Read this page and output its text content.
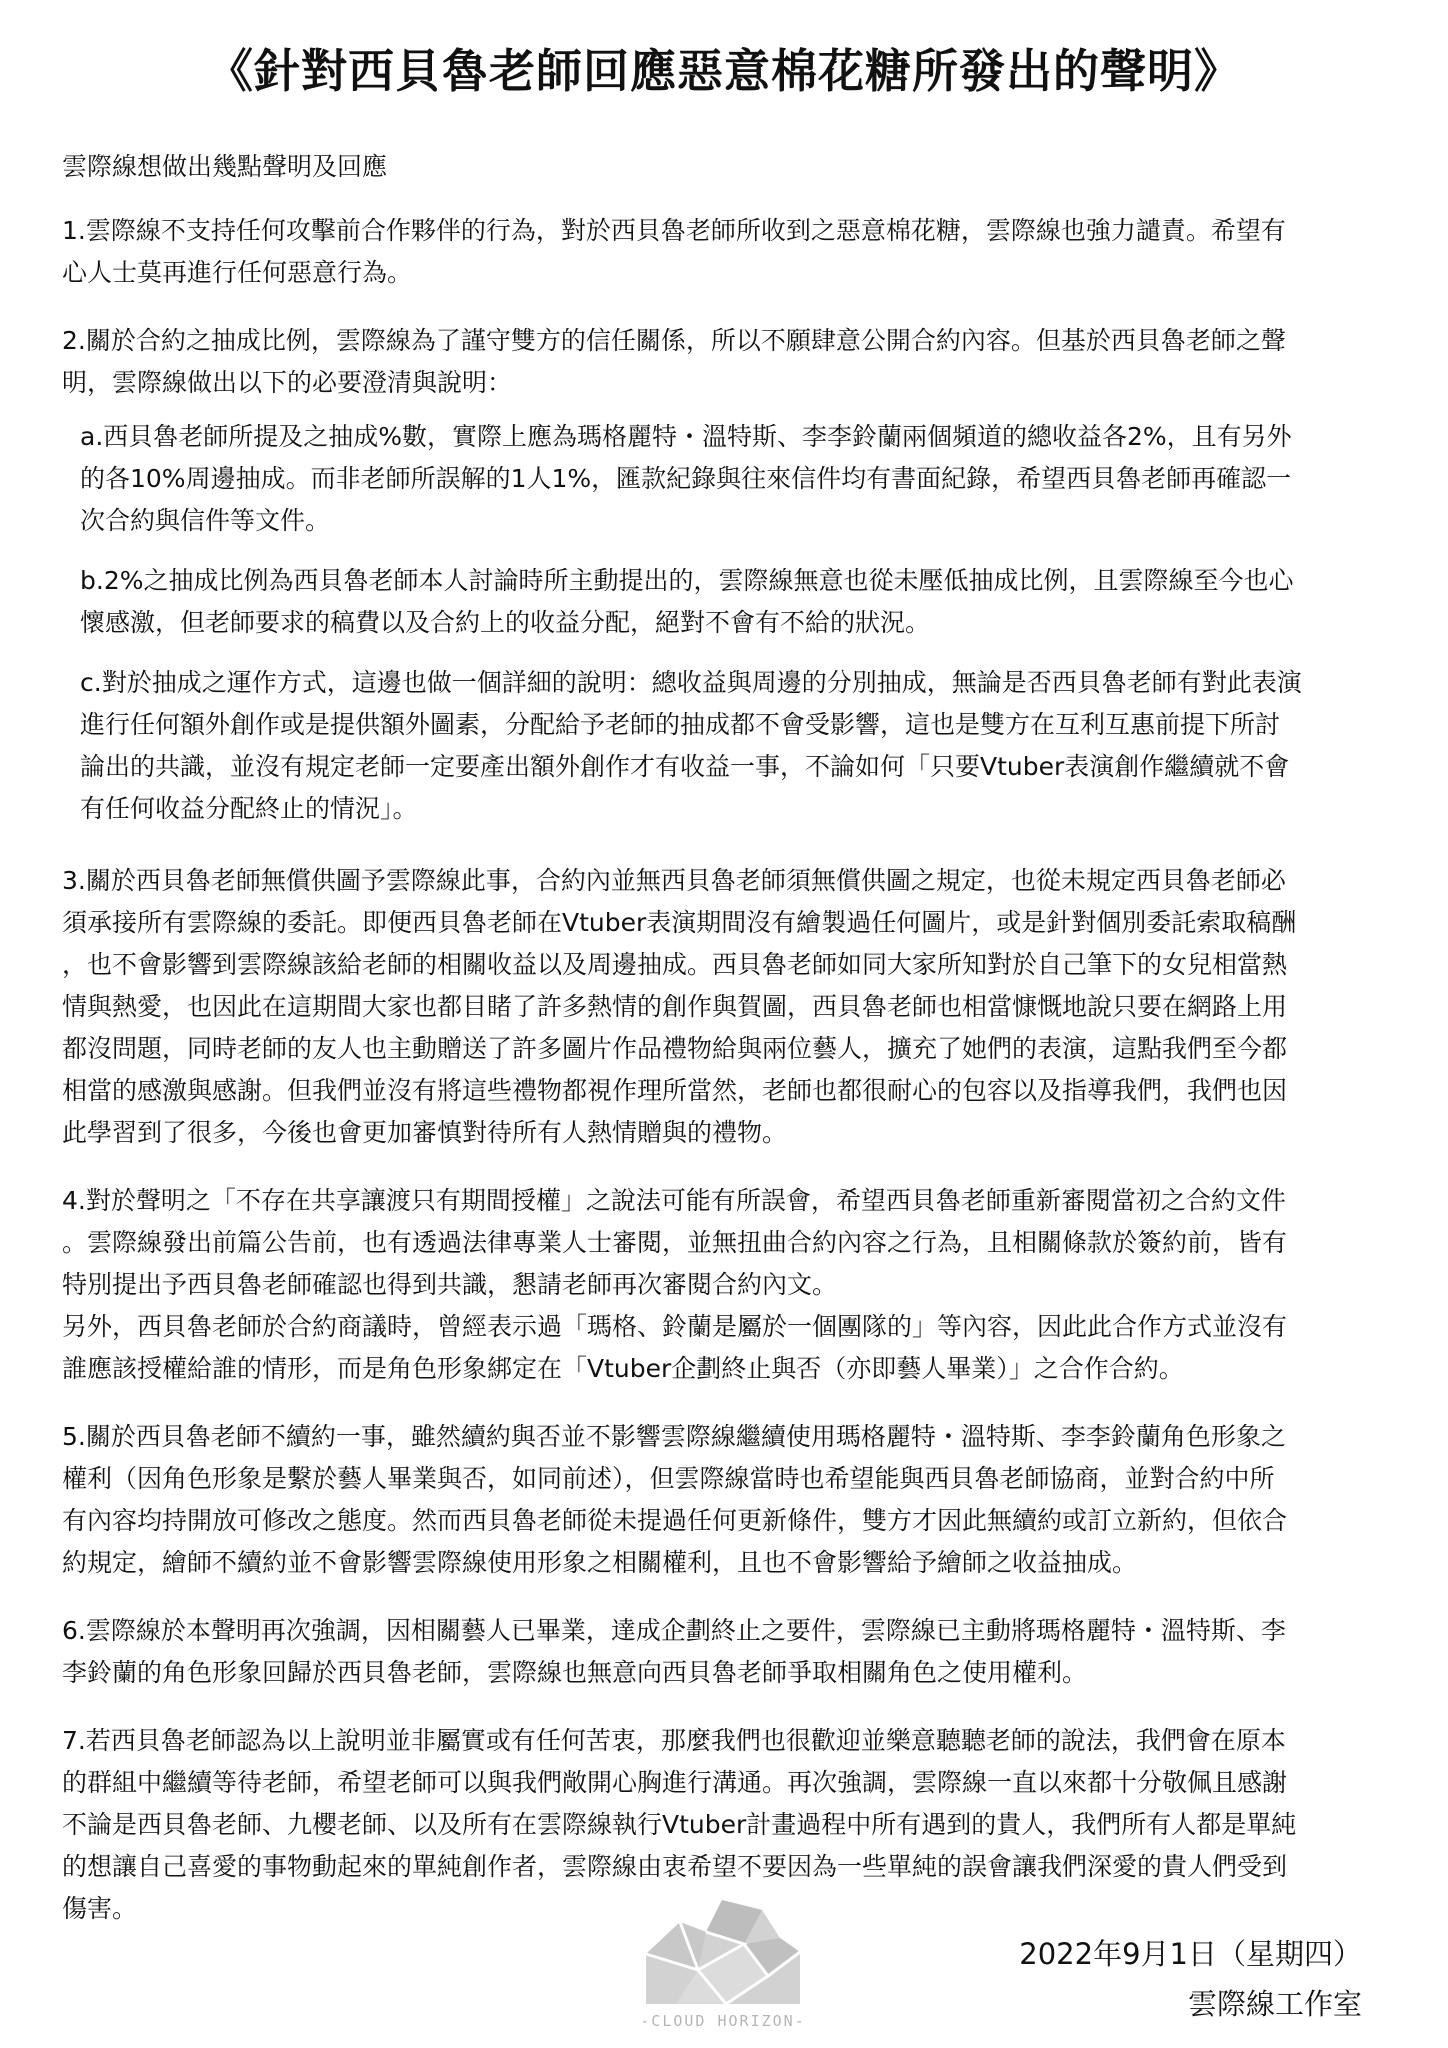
《針對西貝魯老師回應惡意棉花糖所發出的聲明》

雲際線想做出幾點聲明及回應

1.雲際線不支持任何攻擊前合作夥伴的行為，對於西貝魯老師所收到之惡意棉花糖，雲際線也強力譴責。希望有
心人士莫再進行任何惡意行為。

2.關於合約之抽成比例，雲際線為了謹守雙方的信任關係，所以不願肆意公開合約內容。但基於西貝魯老師之聲
明，雲際線做出以下的必要澄清與說明：

a.西貝魯老師所提及之抽成%數，實際上應為瑪格麗特・溫特斯、李李鈴蘭兩個頻道的總收益各2%，且有另外
的各10%周邊抽成。而非老師所誤解的1人1%，匯款紀錄與往來信件均有書面紀錄，希望西貝魯老師再確認一
次合約與信件等文件。

b.2%之抽成比例為西貝魯老師本人討論時所主動提出的，雲際線無意也從未壓低抽成比例，且雲際線至今也心
懷感激，但老師要求的稿費以及合約上的收益分配，絕對不會有不給的狀況。

c.對於抽成之運作方式，這邊也做一個詳細的說明：總收益與周邊的分別抽成，無論是否西貝魯老師有對此表演
進行任何額外創作或是提供額外圖素，分配給予老師的抽成都不會受影響，這也是雙方在互利互惠前提下所討
論出的共識，並沒有規定老師一定要產出額外創作才有收益一事，不論如何「只要Vtuber表演創作繼續就不會
有任何收益分配終止的情況」。

3.關於西貝魯老師無償供圖予雲際線此事，合約內並無西貝魯老師須無償供圖之規定，也從未規定西貝魯老師必
須承接所有雲際線的委託。即便西貝魯老師在Vtuber表演期間沒有繪製過任何圖片，或是針對個別委託索取稿酬
，也不會影響到雲際線該給老師的相關收益以及周邊抽成。西貝魯老師如同大家所知對於自己筆下的女兒相當熱
情與熱愛，也因此在這期間大家也都目睹了許多熱情的創作與賀圖，西貝魯老師也相當慷慨地說只要在網路上用
都沒問題，同時老師的友人也主動贈送了許多圖片作品禮物給與兩位藝人，擴充了她們的表演，這點我們至今都
相當的感激與感謝。但我們並沒有將這些禮物都視作理所當然，老師也都很耐心的包容以及指導我們，我們也因
此學習到了很多，今後也會更加審慎對待所有人熱情贈與的禮物。

4.對於聲明之「不存在共享讓渡只有期間授權」之說法可能有所誤會，希望西貝魯老師重新審閱當初之合約文件
。雲際線發出前篇公告前，也有透過法律專業人士審閱，並無扭曲合約內容之行為，且相關條款於簽約前，皆有
特別提出予西貝魯老師確認也得到共識，懇請老師再次審閱合約內文。

另外，西貝魯老師於合約商議時，曾經表示過「瑪格、鈴蘭是屬於一個團隊的」等內容，因此此合作方式並沒有
誰應該授權給誰的情形，而是角色形象綁定在「Vtuber企劃終止與否（亦即藝人畢業）」之合作合約。

5.關於西貝魯老師不續約一事，雖然續約與否並不影響雲際線繼續使用瑪格麗特・溫特斯、李李鈴蘭角色形象之
權利（因角色形象是繫於藝人畢業與否，如同前述），但雲際線當時也希望能與西貝魯老師協商，並對合約中所
有內容均持開放可修改之態度。然而西貝魯老師從未提過任何更新條件，雙方才因此無續約或訂立新約，但依合
約規定，繪師不續約並不會影響雲際線使用形象之相關權利，且也不會影響給予繪師之收益抽成。

6.雲際線於本聲明再次強調，因相關藝人已畢業，達成企劃終止之要件，雲際線已主動將瑪格麗特・溫特斯、李
李鈴蘭的角色形象回歸於西貝魯老師，雲際線也無意向西貝魯老師爭取相關角色之使用權利。

7.若西貝魯老師認為以上說明並非屬實或有任何苦衷，那麼我們也很歡迎並樂意聽聽老師的說法，我們會在原本
的群組中繼續等待老師，希望老師可以與我們敞開心胸進行溝通。再次強調，雲際線一直以來都十分敬佩且感謝
不論是西貝魯老師、九櫻老師、以及所有在雲際線執行Vtuber計畫過程中所有遇到的貴人，我們所有人都是單純
的想讓自己喜愛的事物動起來的單純創作者，雲際線由衷希望不要因為一些單純的誤會讓我們深愛的貴人們受到
傷害。

-CLOUD HORIZON-
2022年9月1日（星期四）
雲際線工作室
